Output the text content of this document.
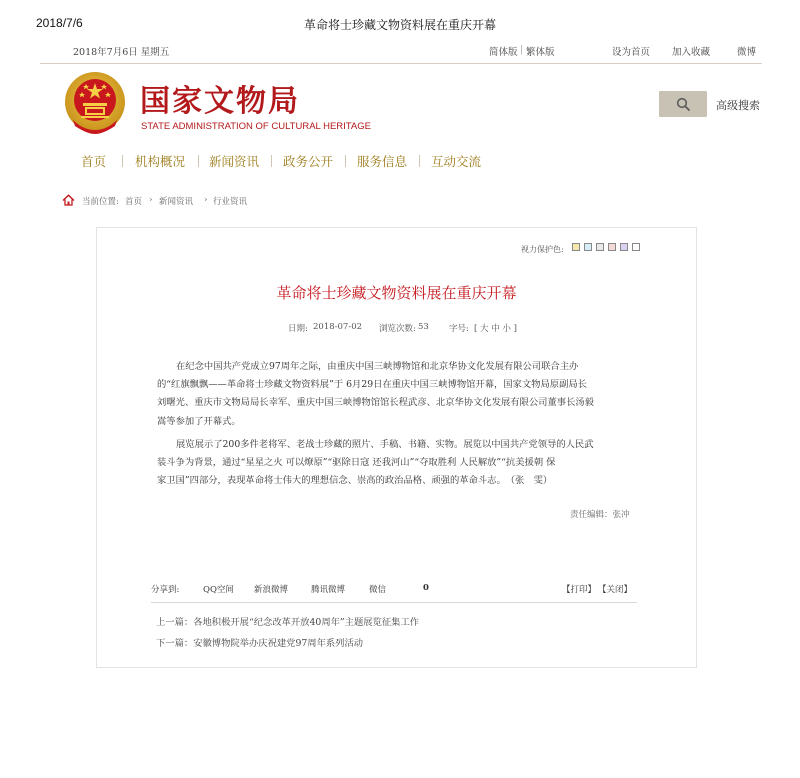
2018/7/6	革命将士珍藏文物资料展在重庆开幕
2018年7月6日 星期五	简体版 | 繁体版	设为首页 加入收藏	微博
国家文物局
STATE ADMINISTRATION OF CULTURAL HERITAGE
高级搜索
首页 机构概况 新闻资讯 政务公开 服务信息 互动交流
当前位置: 首页 › 新闻资讯 › 行业资讯
视力保护色:
革命将士珍藏文物资料展在重庆开幕
日期: 2018-07-02 浏览次数: 53 字号: [ 大 中 小 ]
在纪念中国共产党成立97周年之际，由重庆中国三峡博物馆和北京华协文化发展有限公司联合主办
的“红旗飘飘——革命将士珍藏文物资料展”于 6月29日在重庆中国三峡博物馆开幕，国家文物局原副局长
刘曙光、重庆市文物局局长幸军、重庆中国三峡博物馆馆长程武彦、北京华协文化发展有限公司董事长汤毅
嵩等参加了开幕式。
展览展示了200多件老将军、老战士珍藏的照片、手稿、书籍、实物。展览以中国共产党领导的人民武
装斗争为背景，通过“星星之火 可以燎原”“驱除日寇 还我河山”“夺取胜利 人民解放”“抗美援朝 保
家卫国”四部分，表现革命将士伟大的理想信念、崇高的政治品格、顽强的革命斗志。　（张　雯）
责任编辑：张冲
分享到:	QQ空间 新浪微博	腾讯微博	微信	0	【打印】 【关闭】
上一篇：各地积极开展“纪念改革开放40周年”主题展览征集工作
下一篇：安徽博物院举办庆祝建党97周年系列活动
